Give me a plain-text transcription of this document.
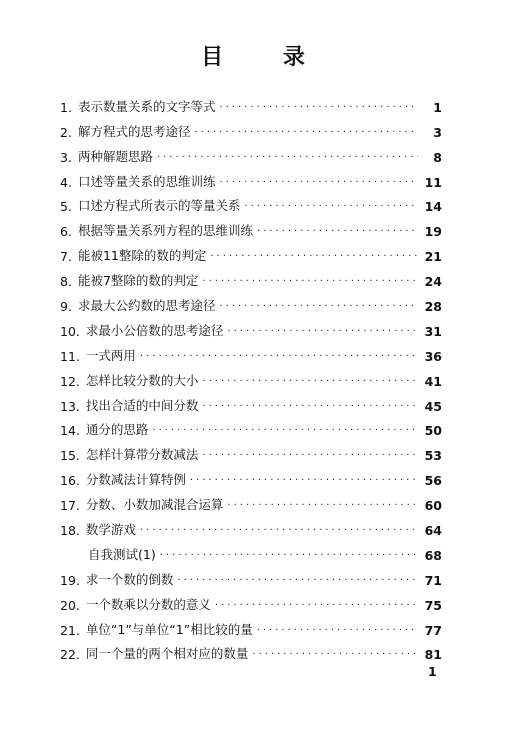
目 录
1. 表示数量关系的文字等式 ·····	1
2. 解方程式的思考途径 ·····	3
3. 两种解题思路 ·····	8
4. 口述等量关系的思维训练 ·····	11
5. 口述方程式所表示的等量关系 ·····	14
6. 根据等量关系列方程的思维训练 ·····	19
7. 能被11整除的数的判定 ·····	21
8. 能被7整除的数的判定 ·····	24
9. 求最大公约数的思考途径 ·····	28
10. 求最小公倍数的思考途径 ·····	31
11. 一式两用 ·····	36
12. 怎样比较分数的大小 ·····	41
13. 找出合适的中间分数 ·····	45
14. 通分的思路 ·····	50
15. 怎样计算带分数减法 ·····	53
16. 分数减法计算特例 ·····	56
17. 分数、小数加减混合运算 ·····	60
18. 数学游戏 ·····	64
自我测试(1) ·····	68
19. 求一个数的倒数 ·····	71
20. 一个数乘以分数的意义 ·····	75
21. 单位“1”与单位“1”相比较的量 ·····	77
22. 同一个量的两个相对应的数量 ·····	81
1
